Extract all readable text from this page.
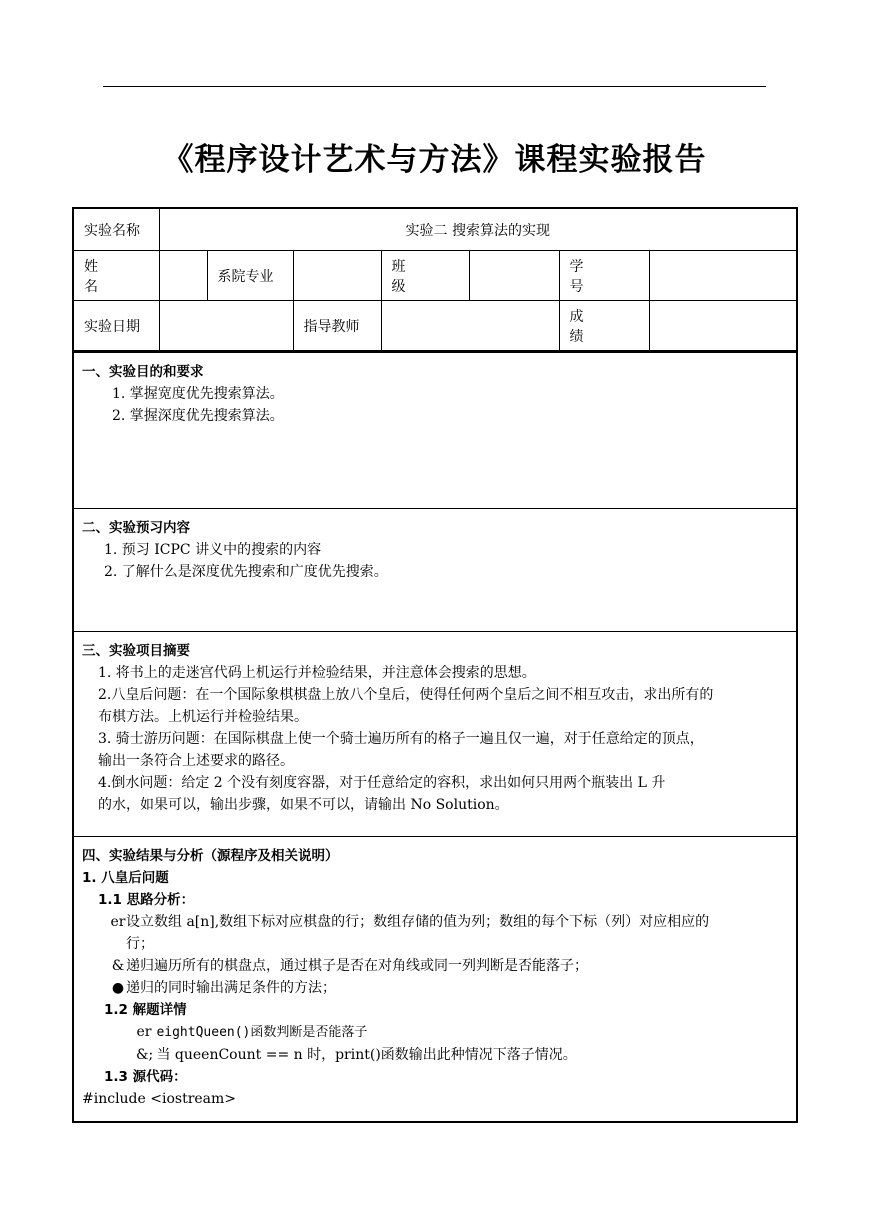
《程序设计艺术与方法》课程实验报告
实验名称	实验二 搜索算法的实现						
姓名		系院专业		班级		学号	
实验日期			指导教师			成绩	
一、实验目的和要求
1. 掌握宽度优先搜索算法。
2. 掌握深度优先搜索算法。
二、实验预习内容
1. 预习 ICPC 讲义中的搜索的内容
2. 了解什么是深度优先搜索和广度优先搜索。
三、实验项目摘要
1. 将书上的走迷宫代码上机运行并检验结果，并注意体会搜索的思想。
2.八皇后问题：在一个国际象棋棋盘上放八个皇后，使得任何两个皇后之间不相互攻击，求出所有的
布棋方法。上机运行并检验结果。
3. 骑士游历问题：在国际棋盘上使一个骑士遍历所有的格子一遍且仅一遍，对于任意给定的顶点，
输出一条符合上述要求的路径。
4.倒水问题：给定 2 个没有刻度容器，对于任意给定的容积，求出如何只用两个瓶装出 L 升
的水，如果可以，输出步骤，如果不可以，请输出 No Solution。
四、实验结果与分析（源程序及相关说明）
1. 八皇后问题
1.1 思路分析：
er设立数组 a[n],数组下标对应棋盘的行；数组存储的值为列；数组的每个下标（列）对应相应的
行；
& 递归遍历所有的棋盘点，通过棋子是否在对角线或同一列判断是否能落子；
● 递归的同时输出满足条件的方法；
1.2 解题详情
er eightQueen()函数判断是否能落子
&; 当 queenCount == n 时，print()函数输出此种情况下落子情况。
1.3 源代码：
#include <iostream>
